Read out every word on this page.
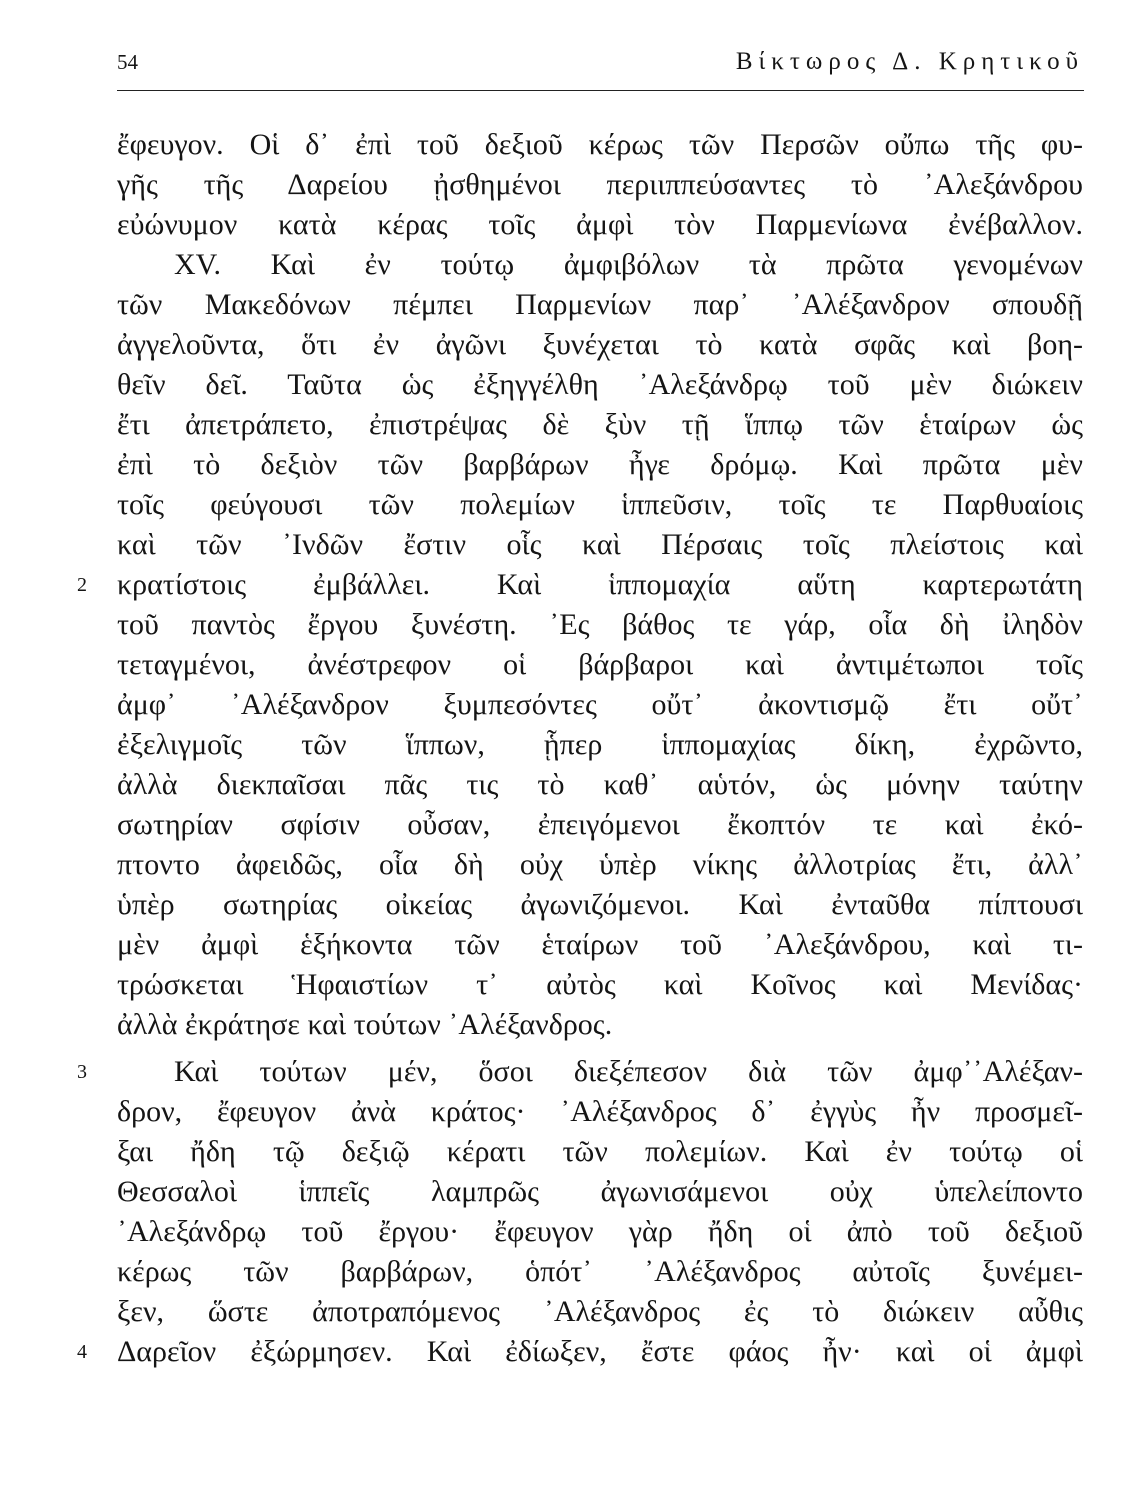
54	Βίκτωρος Δ. Κρητικοῦ
ἔφευγον. Οἱ δ᾽ ἐπὶ τοῦ δεξιοῦ κέρως τῶν Περσῶν οὔπω τῆς φυ-
γῆς τῆς Δαρείου ᾐσθημένοι περιιππεύσαντες τὸ ᾽Αλεξάνδρου
εὐώνυμον κατὰ κέρας τοῖς ἀμφὶ τὸν Παρμενίωνα ἐνέβαλλον.
XV. Καὶ ἐν τούτῳ ἀμφιβόλων τὰ πρῶτα γενομένων
τῶν Μακεδόνων πέμπει Παρμενίων παρ᾽ ᾽Αλέξανδρον σπουδῇ
ἀγγελοῦντα, ὅτι ἐν ἀγῶνι ξυνέχεται τὸ κατὰ σφᾶς καὶ βοη-
θεῖν δεῖ. Ταῦτα ὡς ἐξηγγέλθη ᾽Αλεξάνδρῳ τοῦ μὲν διώκειν
ἔτι ἀπετράπετο, ἐπιστρέψας δὲ ξὺν τῇ ἵππῳ τῶν ἑταίρων ὡς
ἐπὶ τὸ δεξιὸν τῶν βαρβάρων ἦγε δρόμῳ. Καὶ πρῶτα μὲν
τοῖς φεύγουσι τῶν πολεμίων ἱππεῦσιν, τοῖς τε Παρθυαίοις
καὶ τῶν ᾽Ινδῶν ἔστιν οἷς καὶ Πέρσαις τοῖς πλείστοις καὶ
2	κρατίστοις ἐμβάλλει. Καὶ ἱππομαχία αὕτη καρτερωτάτη
τοῦ παντὸς ἔργου ξυνέστη. ᾽Ες βάθος τε γάρ, οἷα δὴ ἰληδὸν
τεταγμένοι, ἀνέστρεφον οἱ βάρβαροι καὶ ἀντιμέτωποι τοῖς
ἀμφ᾽ ᾽Αλέξανδρον ξυμπεσόντες οὔτ᾽ ἀκοντισμῷ ἔτι οὔτ᾽
ἐξελιγμοῖς τῶν ἵππων, ᾗπερ ἱππομαχίας δίκη, ἐχρῶντο,
ἀλλὰ διεκπαῖσαι πᾶς τις τὸ καθ᾽ αὑτόν, ὡς μόνην ταύτην
σωτηρίαν σφίσιν οὖσαν, ἐπειγόμενοι ἔκοπτόν τε καὶ ἐκό-
πτοντο ἀφειδῶς, οἷα δὴ οὐχ ὑπὲρ νίκης ἀλλοτρίας ἔτι, ἀλλ᾽
ὑπὲρ σωτηρίας οἰκείας ἀγωνιζόμενοι. Καὶ ἐνταῦθα πίπτουσι
μὲν ἀμφὶ ἑξήκοντα τῶν ἑταίρων τοῦ ᾽Αλεξάνδρου, καὶ τι-
τρώσκεται Ἡφαιστίων τ᾽ αὐτὸς καὶ Κοῖνος καὶ Μενίδας·
ἀλλὰ ἐκράτησε καὶ τούτων ᾽Αλέξανδρος.
3	Καὶ τούτων μέν, ὅσοι διεξέπεσον διὰ τῶν ἀμφ᾽᾽Αλέξαν-
δρον, ἔφευγον ἀνὰ κράτος· ᾽Αλέξανδρος δ᾽ ἐγγὺς ἦν προσμεῖ-
ξαι ἤδη τῷ δεξιῷ κέρατι τῶν πολεμίων. Καὶ ἐν τούτῳ οἱ
Θεσσαλοὶ ἱππεῖς λαμπρῶς ἀγωνισάμενοι οὐχ ὑπελείποντο
᾽Αλεξάνδρῳ τοῦ ἔργου· ἔφευγον γὰρ ἤδη οἱ ἀπὸ τοῦ δεξιοῦ
κέρως τῶν βαρβάρων, ὁπότ᾽ ᾽Αλέξανδρος αὐτοῖς ξυνέμει-
ξεν, ὥστε ἀποτραπόμενος ᾽Αλέξανδρος ἐς τὸ διώκειν αὖθις
4	Δαρεῖον ἐξώρμησεν. Καὶ ἐδίωξεν, ἔστε φάος ἦν· καὶ οἱ ἀμφὶ
